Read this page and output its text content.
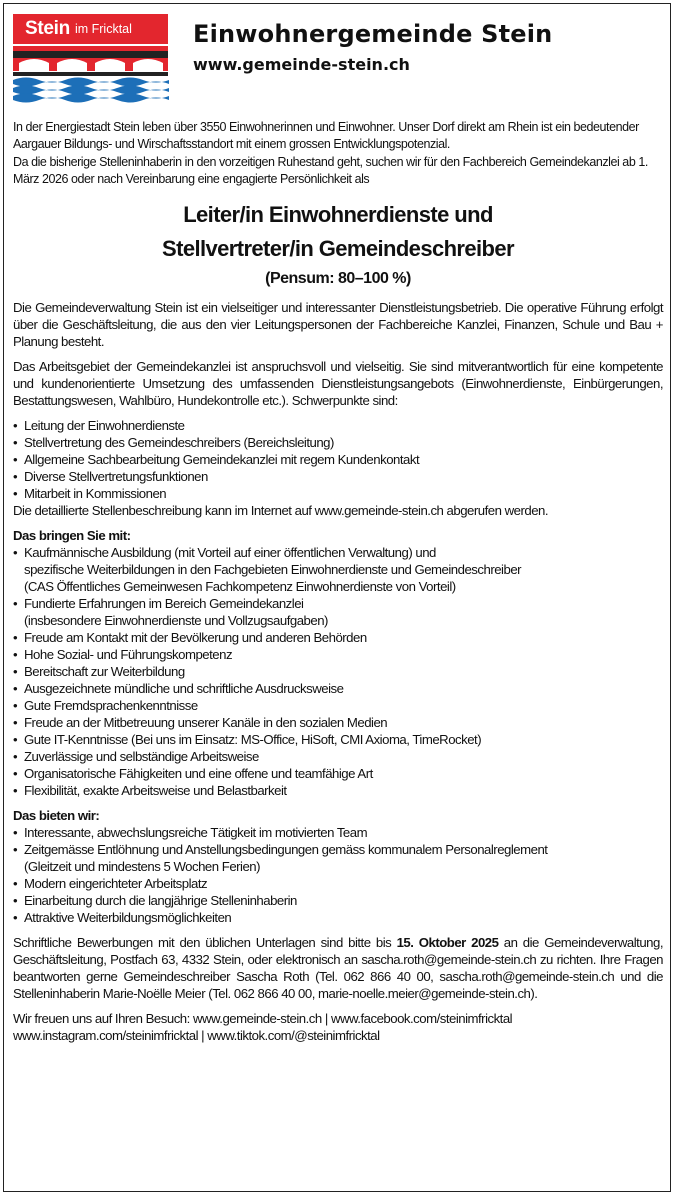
Stein im Fricktal	Einwohnergemeinde Stein
www.gemeinde-stein.ch

In der Energiestadt Stein leben über 3550 Einwohnerinnen und Einwohner. Unser Dorf direkt am Rhein ist ein bedeutender Aargauer Bildungs- und Wirschaftsstandort mit einem grossen Entwicklungspotenzial.

Da die bisherige Stelleninhaberin in den vorzeitigen Ruhestand geht, suchen wir für den Fachbereich Gemeindekanzlei ab 1. März 2026 oder nach Vereinbarung eine engagierte Persönlichkeit als

Leiter/in Einwohnerdienste und
Stellvertreter/in Gemeindeschreiber
(Pensum: 80–100 %)

Die Gemeindeverwaltung Stein ist ein vielseitiger und interessanter Dienstleistungsbetrieb. Die operative Führung erfolgt über die Geschäftsleitung, die aus den vier Leitungspersonen der Fachbereiche Kanzlei, Finanzen, Schule und Bau + Planung besteht.

Das Arbeitsgebiet der Gemeindekanzlei ist anspruchsvoll und vielseitig. Sie sind mitverantwortlich für eine kompetente und kundenorientierte Umsetzung des umfassenden Dienstleistungsangebots (Einwohnerdienste, Einbürgerungen, Bestattungswesen, Wahlbüro, Hundekontrolle etc.). Schwerpunkte sind:

• Leitung der Einwohnerdienste
• Stellvertretung des Gemeindeschreibers (Bereichsleitung)
• Allgemeine Sachbearbeitung Gemeindekanzlei mit regem Kundenkontakt
• Diverse Stellvertretungsfunktionen
• Mitarbeit in Kommissionen

Die detaillierte Stellenbeschreibung kann im Internet auf www.gemeinde-stein.ch abgerufen werden.

Das bringen Sie mit:
• Kaufmännische Ausbildung (mit Vorteil auf einer öffentlichen Verwaltung) und
spezifische Weiterbildungen in den Fachgebieten Einwohnerdienste und Gemeindeschreiber
(CAS Öffentliches Gemeinwesen Fachkompetenz Einwohnerdienste von Vorteil)
• Fundierte Erfahrungen im Bereich Gemeindekanzlei
(insbesondere Einwohnerdienste und Vollzugsaufgaben)
• Freude am Kontakt mit der Bevölkerung und anderen Behörden
• Hohe Sozial- und Führungskompetenz
• Bereitschaft zur Weiterbildung
• Ausgezeichnete mündliche und schriftliche Ausdrucksweise
• Gute Fremdsprachenkenntnisse
• Freude an der Mitbetreuung unserer Kanäle in den sozialen Medien
• Gute IT-Kenntnisse (Bei uns im Einsatz: MS-Office, HiSoft, CMI Axioma, TimeRocket)
• Zuverlässige und selbständige Arbeitsweise
• Organisatorische Fähigkeiten und eine offene und teamfähige Art
• Flexibilität, exakte Arbeitsweise und Belastbarkeit
Das bieten wir:
• Interessante, abwechslungsreiche Tätigkeit im motivierten Team
• Zeitgemässe Entlöhnung und Anstellungsbedingungen gemäss kommunalem Personalreglement
(Gleitzeit und mindestens 5 Wochen Ferien)
• Modern eingerichteter Arbeitsplatz
• Einarbeitung durch die langjährige Stelleninhaberin
• Attraktive Weiterbildungsmöglichkeiten

Schriftliche Bewerbungen mit den üblichen Unterlagen sind bitte bis 15. Oktober 2025 an die Gemeindeverwaltung, Geschäftsleitung, Postfach 63, 4332 Stein, oder elektronisch an sascha.roth@gemeinde-stein.ch zu richten. Ihre Fragen beantworten gerne Gemeindeschreiber Sascha Roth (Tel. 062 866 40 00, sascha.roth@gemeinde-stein.ch und die Stelleninhaberin Marie-Noëlle Meier (Tel. 062 866 40 00, marie-noelle.meier@gemeinde-stein.ch).

Wir freuen uns auf Ihren Besuch: www.gemeinde-stein.ch | www.facebook.com/steinimfricktal
www.instagram.com/steinimfricktal | www.tiktok.com/@steinimfricktal
